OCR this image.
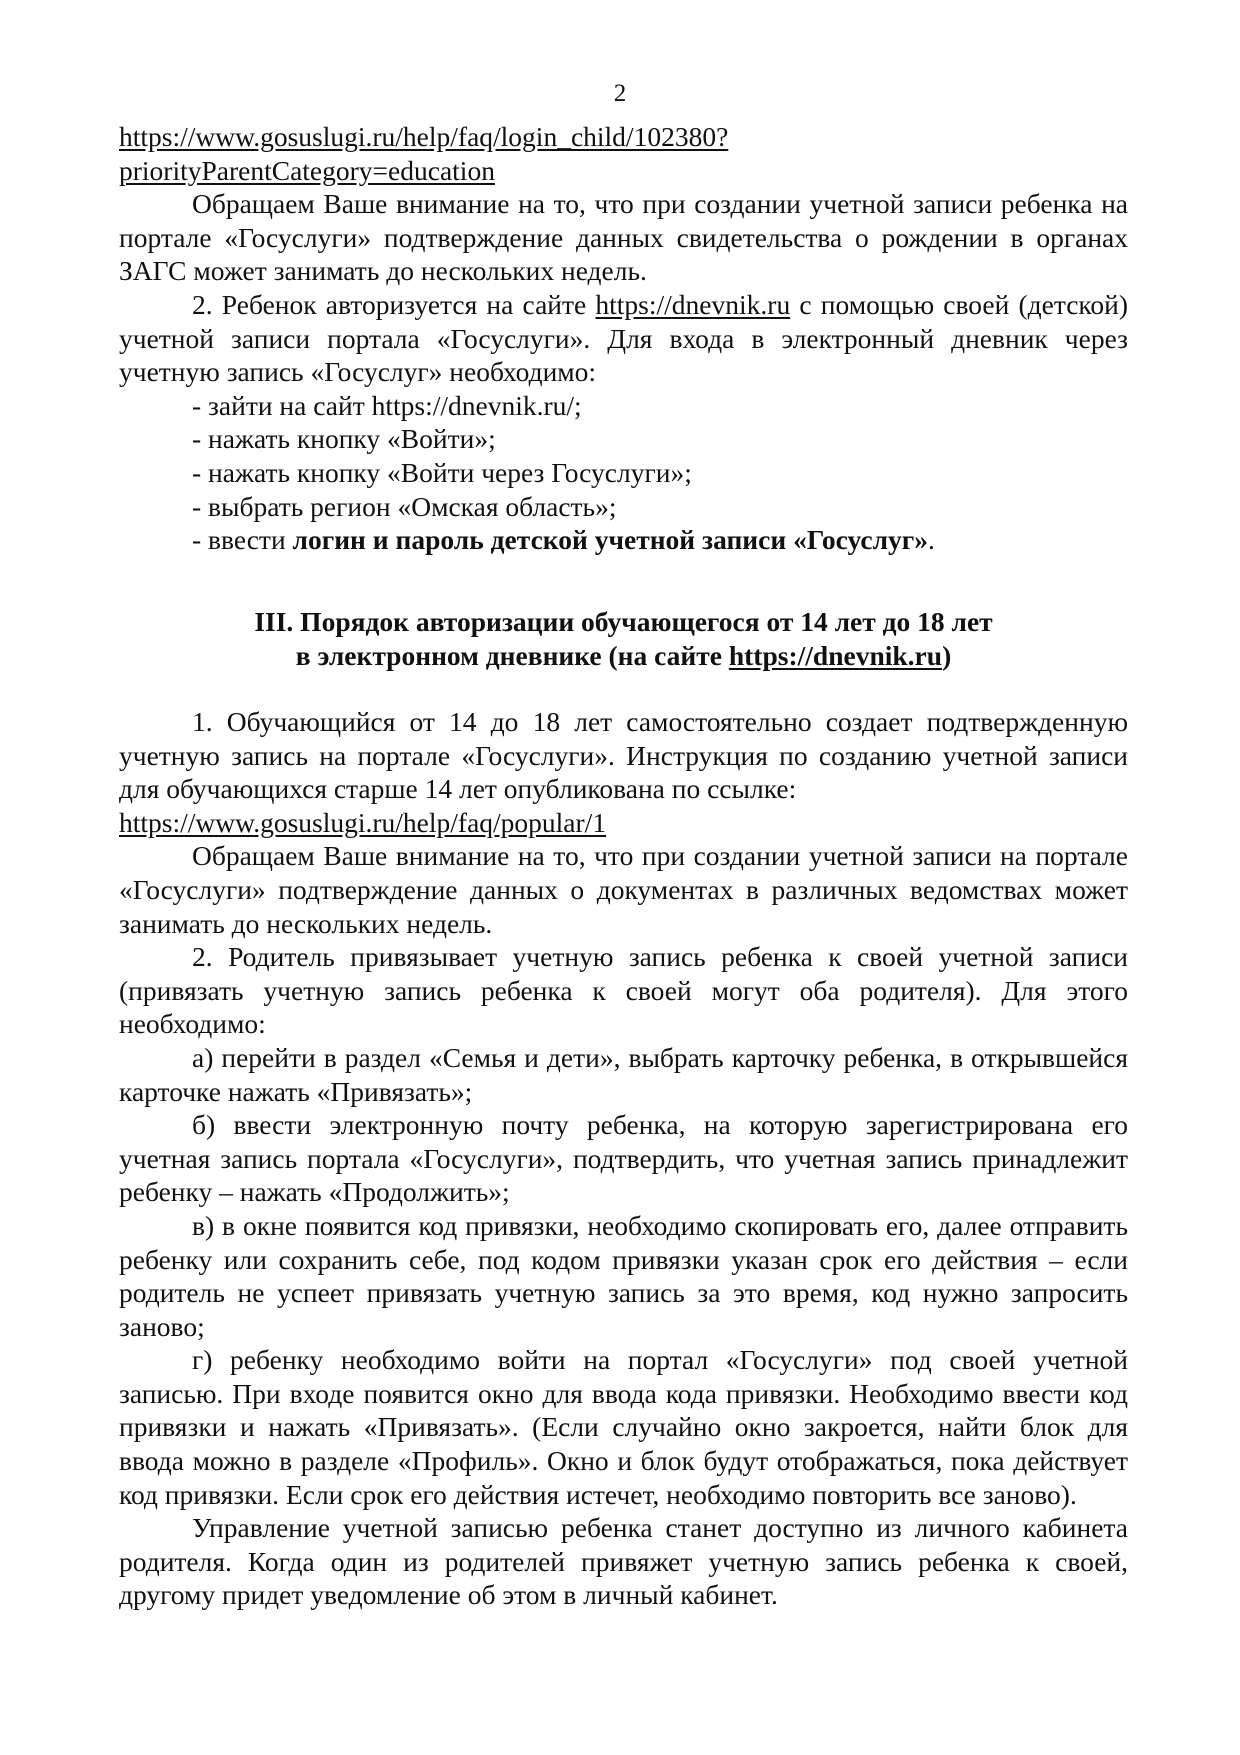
2
https://www.gosuslugi.ru/help/faq/login_child/102380?
priorityParentCategory=education

Обращаем Ваше внимание на то, что при создании учетной записи ребенка на портале «Госуслуги» подтверждение данных свидетельства о рождении в органах ЗАГС может занимать до нескольких недель.

2. Ребенок авторизуется на сайте https://dnevnik.ru с помощью своей (детской) учетной записи портала «Госуслуги». Для входа в электронный дневник через учетную запись «Госуслуг» необходимо:

- зайти на сайт https://dnevnik.ru/;

- нажать кнопку «Войти»;

- нажать кнопку «Войти через Госуслуги»;

- выбрать регион «Омская область»;

- ввести логин и пароль детской учетной записи «Госуслуг».

III. Порядок авторизации обучающегося от 14 лет до 18 лет

в электронном дневнике (на сайте https://dnevnik.ru)

1. Обучающийся от 14 до 18 лет самостоятельно создает подтвержденную учетную запись на портале «Госуслуги». Инструкция по созданию учетной записи для обучающихся старше 14 лет опубликована по ссылке:

https://www.gosuslugi.ru/help/faq/popular/1

Обращаем Ваше внимание на то, что при создании учетной записи на портале «Госуслуги» подтверждение данных о документах в различных ведомствах может занимать до нескольких недель.

2. Родитель привязывает учетную запись ребенка к своей учетной записи (привязать учетную запись ребенка к своей могут оба родителя). Для этого необходимо:

а) перейти в раздел «Семья и дети», выбрать карточку ребенка, в открывшейся карточке нажать «Привязать»;

б) ввести электронную почту ребенка, на которую зарегистрирована его учетная запись портала «Госуслуги», подтвердить, что учетная запись принадлежит ребенку – нажать «Продолжить»;

в) в окне появится код привязки, необходимо скопировать его, далее отправить ребенку или сохранить себе, под кодом привязки указан срок его действия – если родитель не успеет привязать учетную запись за это время, код нужно запросить заново;

г) ребенку необходимо войти на портал «Госуслуги» под своей учетной записью. При входе появится окно для ввода кода привязки. Необходимо ввести код привязки и нажать «Привязать». (Если случайно окно закроется, найти блок для ввода можно в разделе «Профиль». Окно и блок будут отображаться, пока действует код привязки. Если срок его действия истечет, необходимо повторить все заново).

Управление учетной записью ребенка станет доступно из личного кабинета родителя. Когда один из родителей привяжет учетную запись ребенка к своей, другому придет уведомление об этом в личный кабинет.
